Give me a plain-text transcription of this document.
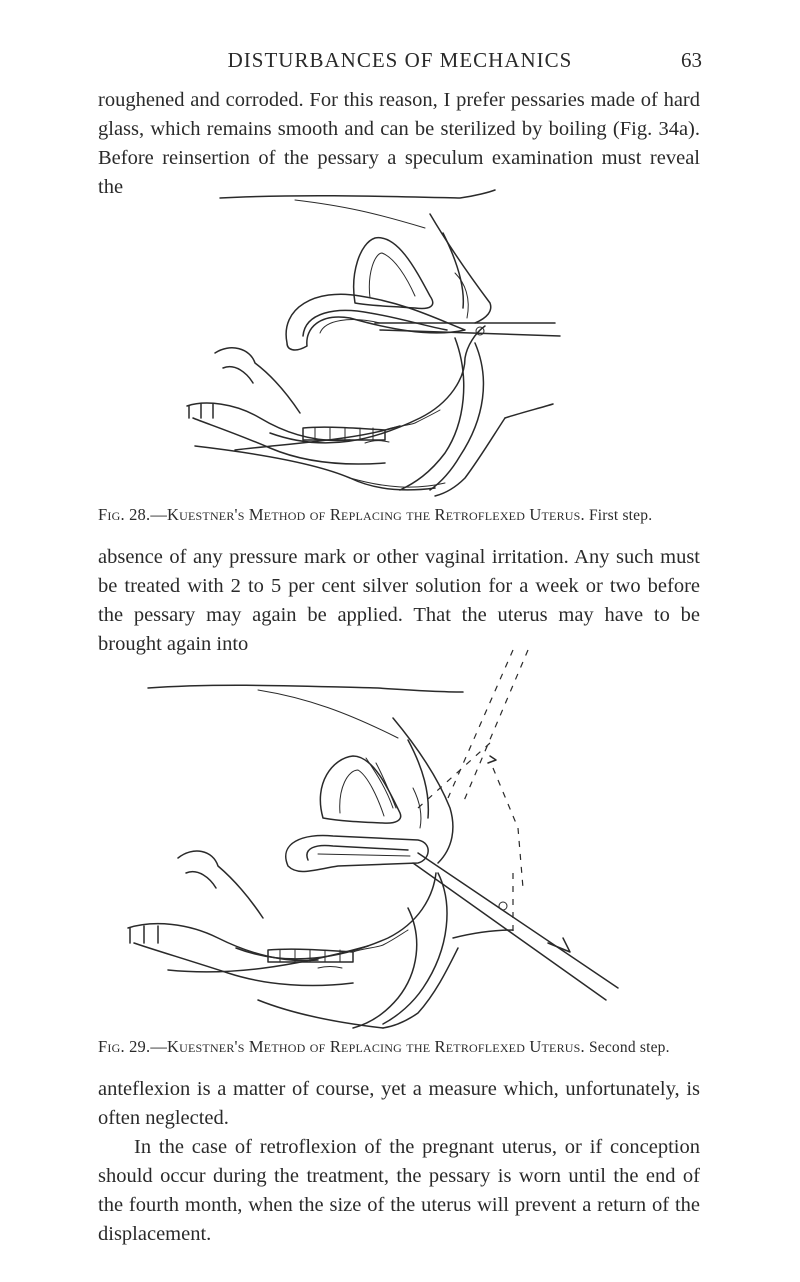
DISTURBANCES OF MECHANICS	63

roughened and corroded. For this reason, I prefer pessaries made of hard glass, which remains smooth and can be sterilized by boiling (Fig. 34a). Before reinsertion of the pessary a speculum examination must reveal the

Fig. 28.—Kuestner's Method of Replacing the Retroflexed Uterus. First step.

absence of any pressure mark or other vaginal irritation. Any such must be treated with 2 to 5 per cent silver solution for a week or two before the pessary may again be applied. That the uterus may have to be brought again into

Fig. 29.—Kuestner's Method of Replacing the Retroflexed Uterus. Second step.

anteflexion is a matter of course, yet a measure which, unfortunately, is often neglected.

In the case of retroflexion of the pregnant uterus, or if conception should occur during the treatment, the pessary is worn until the end of the fourth month, when the size of the uterus will prevent a return of the displacement.
